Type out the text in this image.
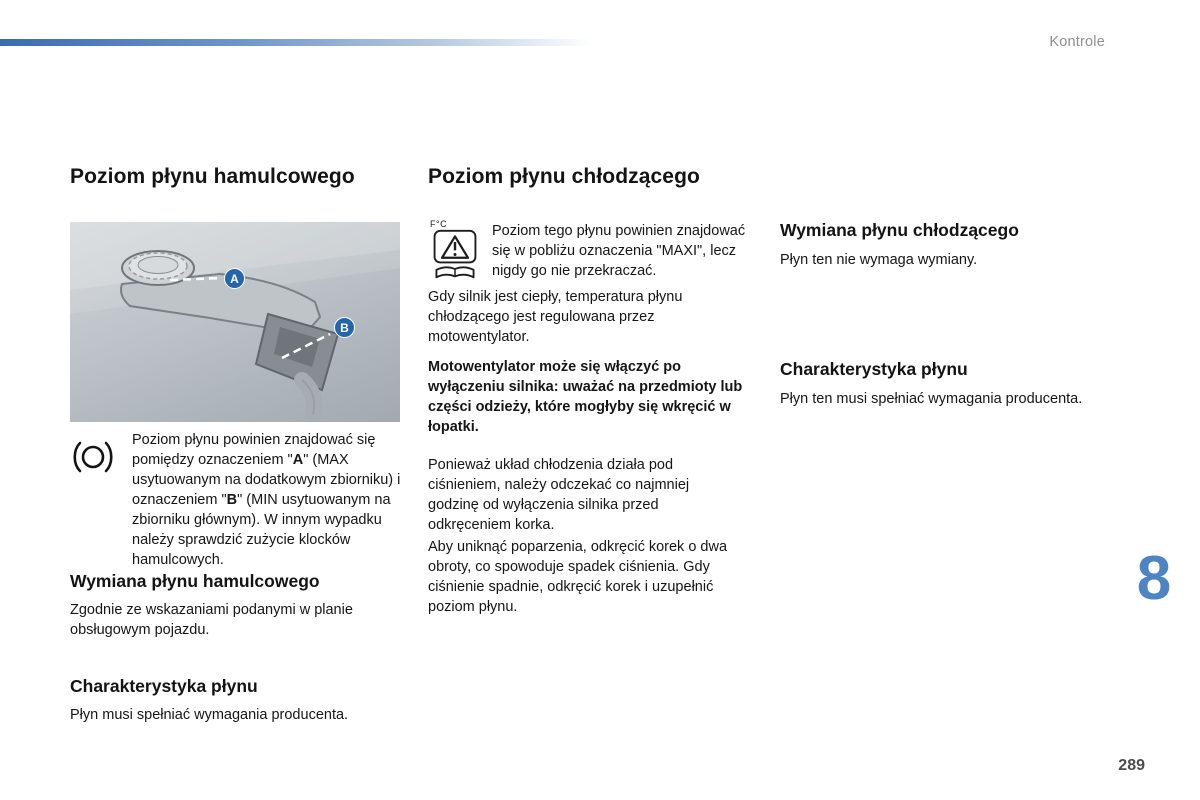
Kontrole
Poziom płynu hamulcowego
A
B

Poziom płynu powinien znajdować się pomiędzy oznaczeniem "A" (MAX usytuowanym na dodatkowym zbiorniku) i oznaczeniem "B" (MIN usytuowanym na zbiorniku głównym). W innym wypadku należy sprawdzić zużycie klocków hamulcowych.

Wymiana płynu hamulcowego

Zgodnie ze wskazaniami podanymi w planie obsługowym pojazdu.

Charakterystyka płynu

Płyn musi spełniać wymagania producenta.

Poziom płynu chłodzącego
F°C	Poziom tego płynu powinien znajdować się w pobliżu oznaczenia "MAXI", lecz nigdy go nie przekraczać.

Gdy silnik jest ciepły, temperatura płynu chłodzącego jest regulowana przez motowentylator.

Motowentylator może się włączyć po wyłączeniu silnika: uważać na przedmioty lub części odzieży, które mogłyby się wkręcić w łopatki.

Ponieważ układ chłodzenia działa pod ciśnieniem, należy odczekać co najmniej godzinę od wyłączenia silnika przed odkręceniem korka.

Aby uniknąć poparzenia, odkręcić korek o dwa obroty, co spowoduje spadek ciśnienia. Gdy ciśnienie spadnie, odkręcić korek i uzupełnić poziom płynu.

Wymiana płynu chłodzącego

Płyn ten nie wymaga wymiany.

Charakterystyka płynu

Płyn ten musi spełniać wymagania producenta.

8
289
